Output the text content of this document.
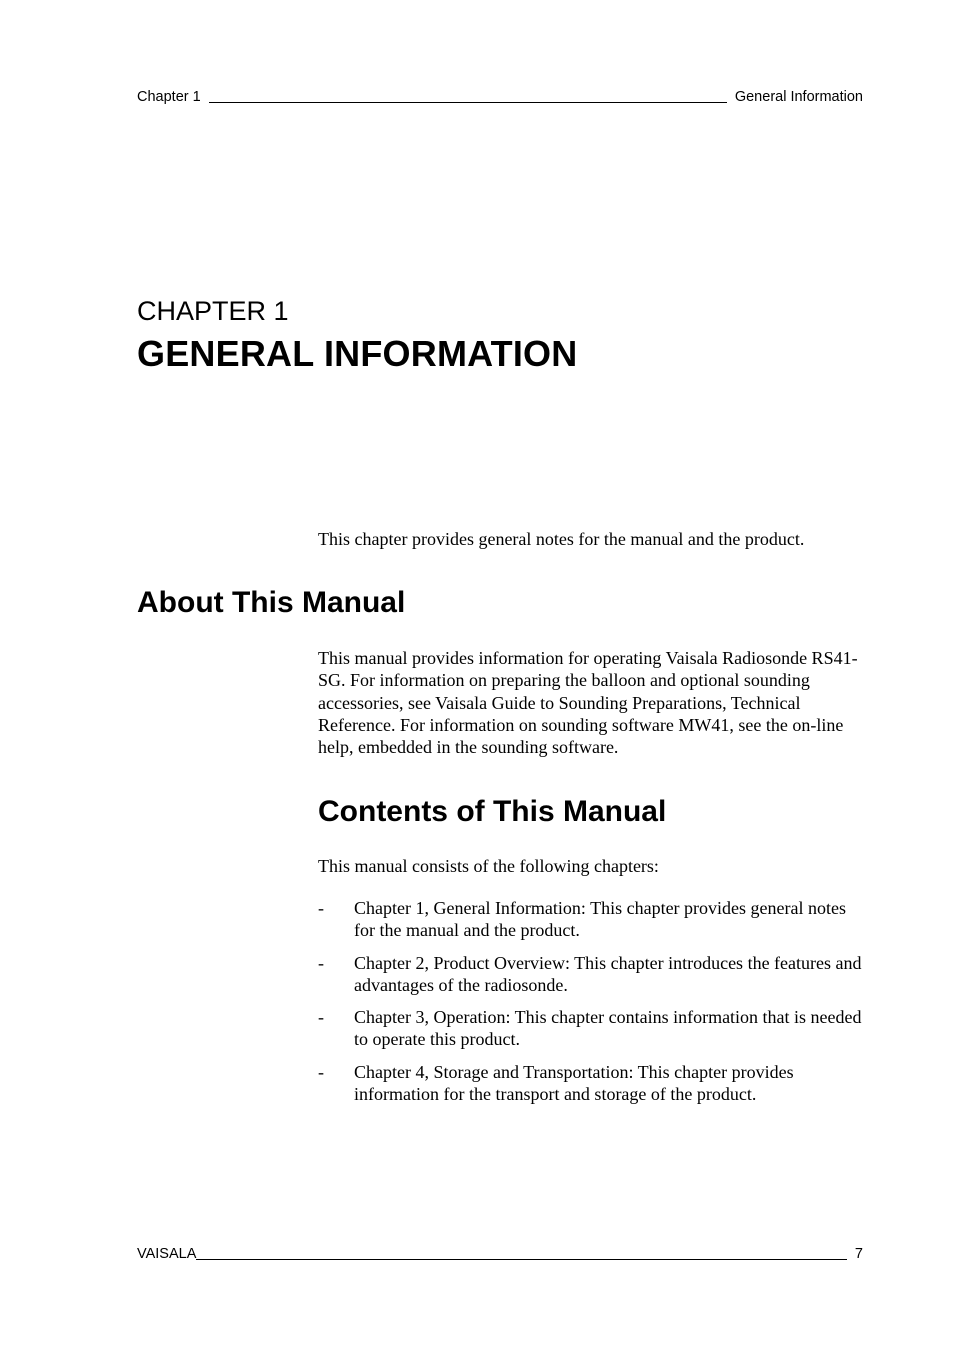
Chapter 1	General Information
CHAPTER 1
GENERAL INFORMATION

This chapter provides general notes for the manual and the product.

About This Manual

This manual provides information for operating Vaisala Radiosonde RS41-SG. For information on preparing the balloon and optional sounding accessories, see Vaisala Guide to Sounding Preparations, Technical Reference. For information on sounding software MW41, see the on-line help, embedded in the sounding software.

Contents of This Manual

This manual consists of the following chapters:

-	Chapter 1, General Information: This chapter provides general notes for the manual and the product.
-	Chapter 2, Product Overview: This chapter introduces the features and advantages of the radiosonde.
-	Chapter 3, Operation: This chapter contains information that is needed to operate this product.
-	Chapter 4, Storage and Transportation: This chapter provides information for the transport and storage of the product.
VAISALA	7
